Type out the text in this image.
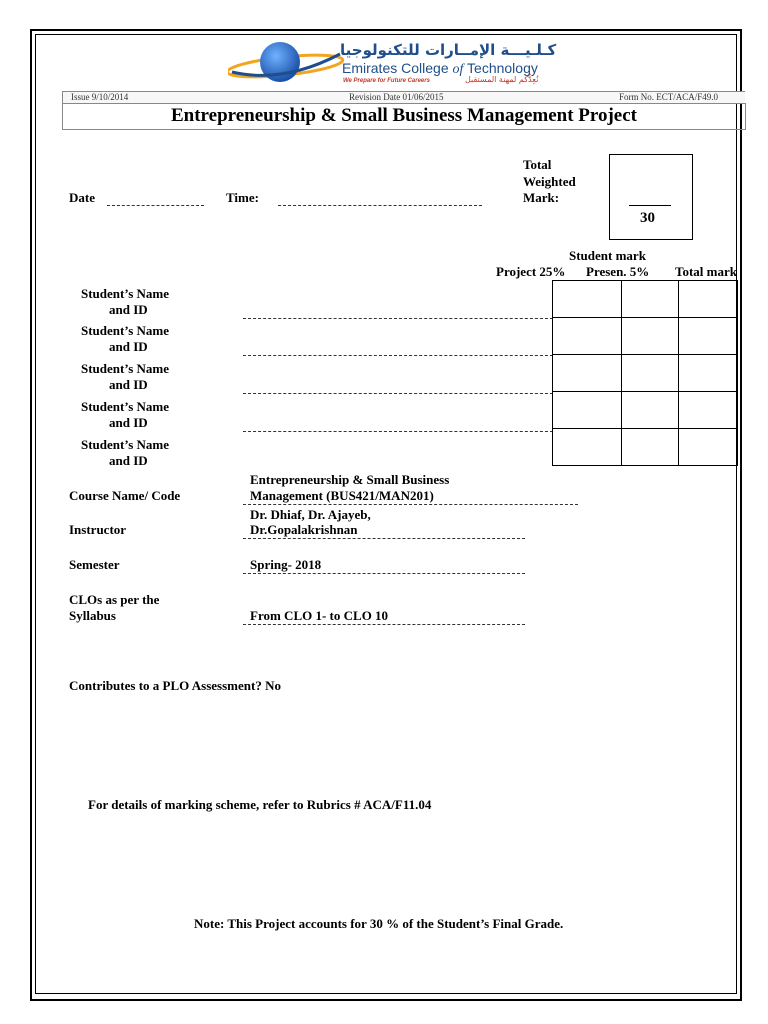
كـلـيـــة الإمــارات للتكنولوجيا
Emirates College of Technology
We Prepare for Future Careers	نُعِدُّكم لمهنة المستقبل
Issue 9/10/2014	Revision Date 01/06/2015	Form No. ECT/ACA/F49.0
Entrepreneurship & Small Business Management Project
Date	Time:
Total
Weighted
Mark:
30
Student mark
Project 25% Presen. 5% Total mark
Student’s Name
and ID
Student’s Name
and ID
Student’s Name
and ID
Student’s Name
and ID
Student’s Name
and ID

Course Name/ Code
Entrepreneurship & Small Business
Management (BUS421/MAN201)
Instructor
Dr. Dhiaf, Dr. Ajayeb,
Dr.Gopalakrishnan
Semester	Spring- 2018
CLOs as per the
Syllabus	From CLO 1- to CLO 10
Contributes to a PLO Assessment? No
For details of marking scheme, refer to Rubrics # ACA/F11.04
Note: This Project accounts for 30 % of the Student’s Final Grade.
